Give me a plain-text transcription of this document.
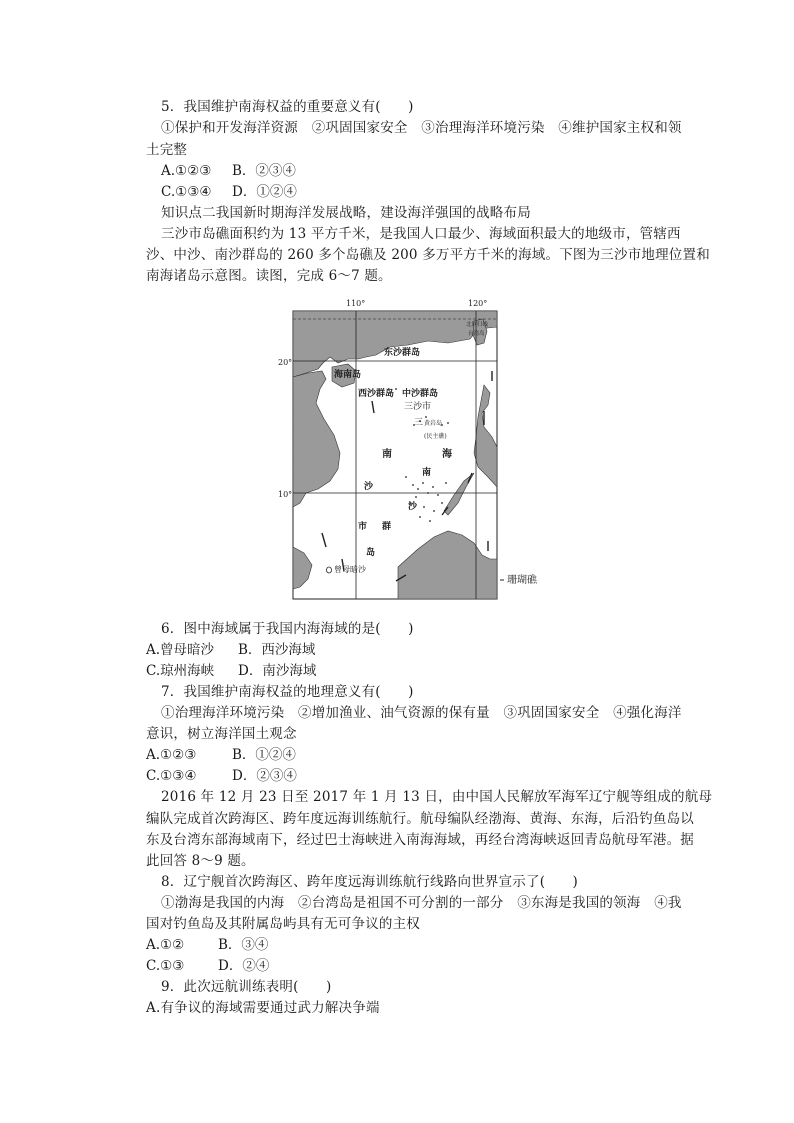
5．我国维护南海权益的重要意义有(　　)
①保护和开发海洋资源　②巩固国家安全　③治理海洋环境污染　④维护国家主权和领
土完整
A.①②③ B．②③④
C.①③④ D．①②④
知识点二我国新时期海洋发展战略，建设海洋强国的战略布局
三沙市岛礁面积约为 13 平方千米，是我国人口最少、海域面积最大的地级市，管辖西
沙、中沙、南沙群岛的 260 多个岛礁及 200 多万平方千米的海域。下图为三沙市地理位置和
南海诸岛示意图。读图，完成 6～7 题。
110°	120°
20°
10°
北回归线
台湾岛
东沙群岛
海南岛
西沙群岛 中沙群岛
三沙市
三 黄岩岛
(民主礁)
南	海
南
沙
沙
市 群
岛
曾母暗沙
珊瑚礁
6．图中海域属于我国内海海域的是(　　)
A.曾母暗沙 B．西沙海域
C.琼州海峡 D．南沙海域
7．我国维护南海权益的地理意义有(　　)
①治理海洋环境污染　②增加渔业、油气资源的保有量　③巩固国家安全　④强化海洋
意识，树立海洋国土观念
A.①②③	B．①②④
C.①③④	D．②③④
2016 年 12 月 23 日至 2017 年 1 月 13 日，由中国人民解放军海军辽宁舰等组成的航母
编队完成首次跨海区、跨年度远海训练航行。航母编队经渤海、黄海、东海，后沿钓鱼岛以
东及台湾东部海域南下，经过巴士海峡进入南海海域，再经台湾海峡返回青岛航母军港。据
此回答 8～9 题。
8．辽宁舰首次跨海区、跨年度远海训练航行线路向世界宣示了(　　)
①渤海是我国的内海　②台湾岛是祖国不可分割的一部分　③东海是我国的领海　④我
国对钓鱼岛及其附属岛屿具有无可争议的主权
A.①②	B．③④
C.①③ D．②④
9．此次远航训练表明(　　)
A.有争议的海域需要通过武力解决争端
